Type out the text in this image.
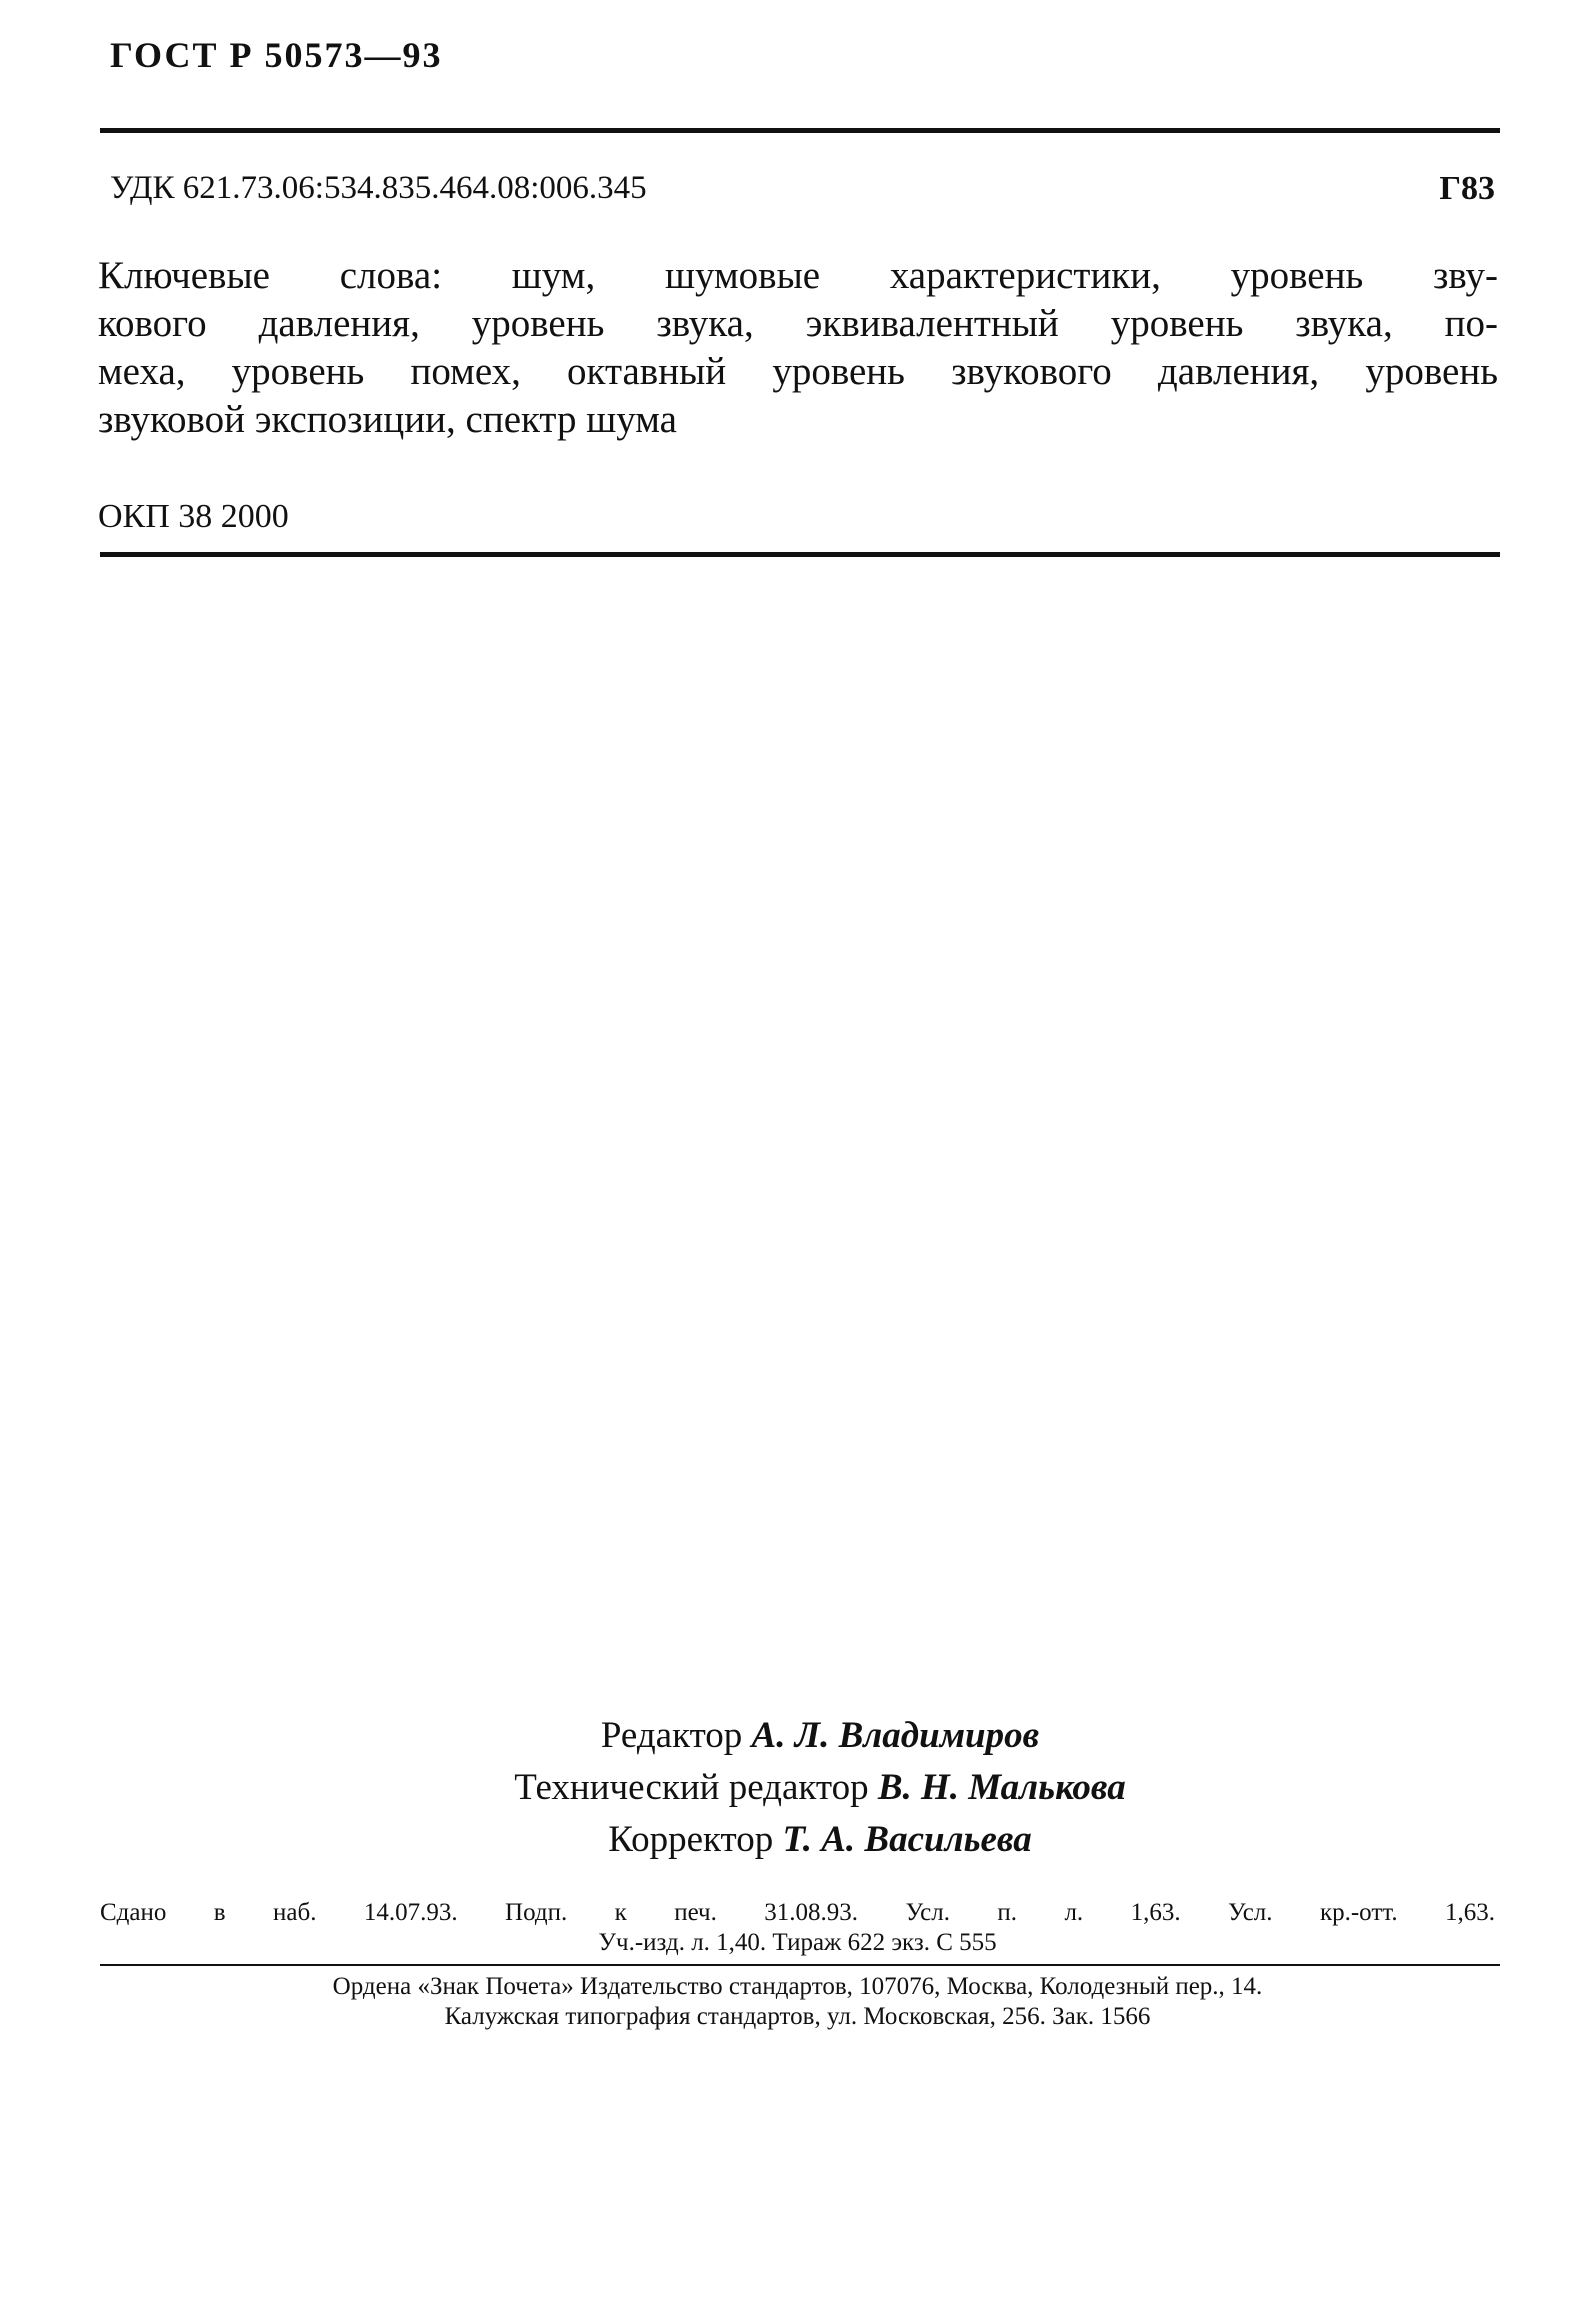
ГОСТ Р 50573—93
УДК 621.73.06:534.835.464.08:006.345	Г83
Ключевые слова: шум, шумовые характеристики, уровень зву-
кового давления, уровень звука, эквивалентный уровень звука, по-
меха, уровень помех, октавный уровень звукового давления, уровень
звуковой экспозиции, спектр шума
ОКП 38 2000
Редактор А. Л. Владимиров
Технический редактор В. Н. Малькова
Корректор Т. А. Васильева
Сдано в наб. 14.07.93. Подп. к печ. 31.08.93. Усл. п. л. 1,63. Усл. кр.-отт. 1,63.
Уч.-изд. л. 1,40. Тираж 622 экз. С 555
Ордена «Знак Почета» Издательство стандартов, 107076, Москва, Колодезный пер., 14.
Калужская типография стандартов, ул. Московская, 256. Зак. 1566
